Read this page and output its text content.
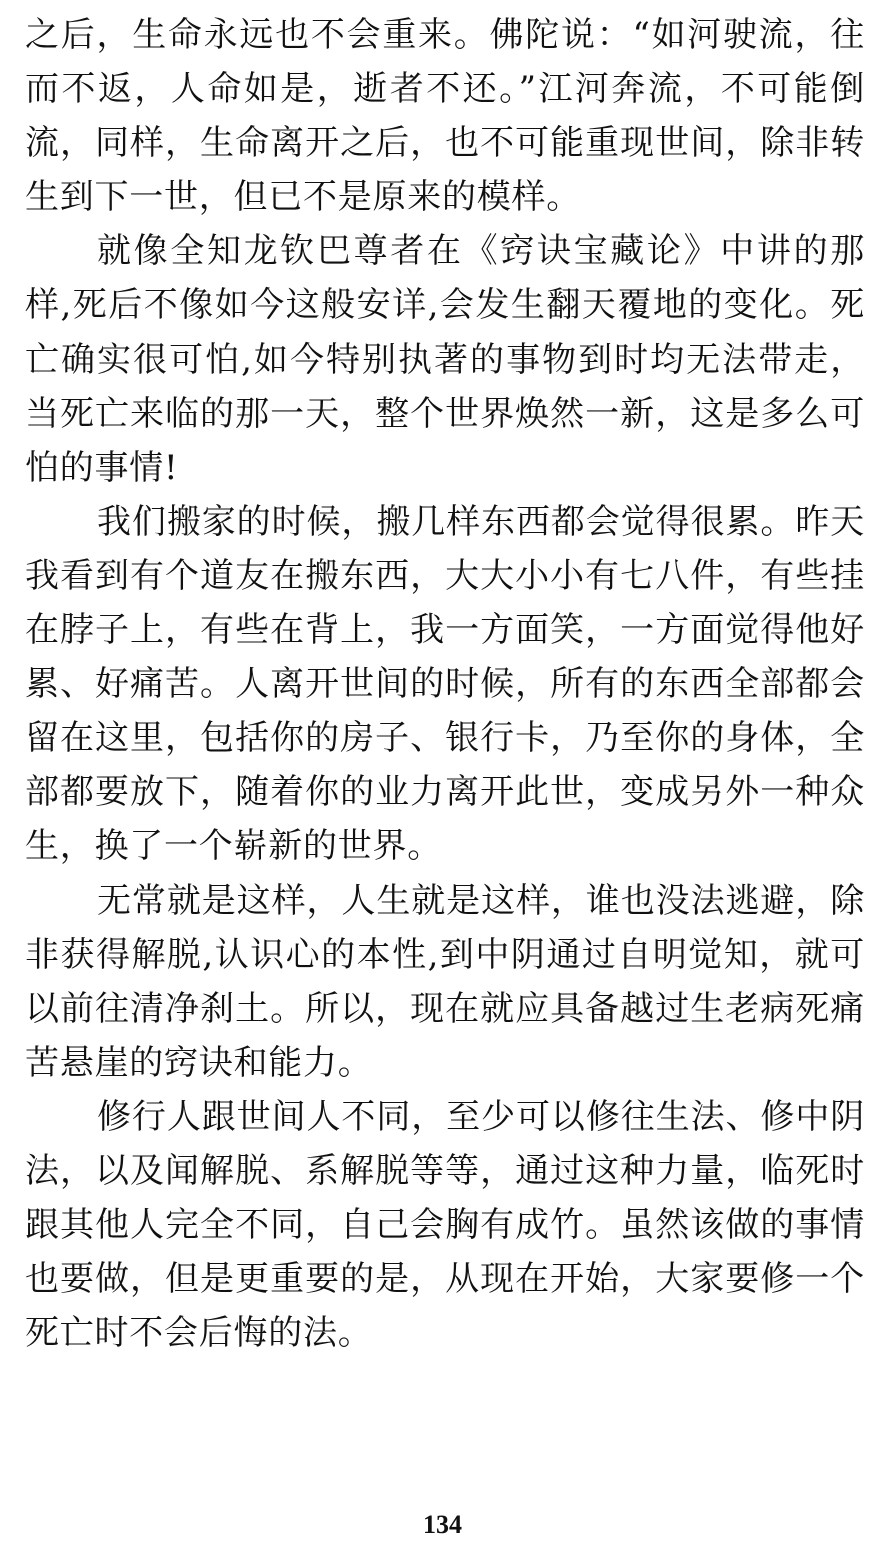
之后，生命永远也不会重来。佛陀说：“如河驶流，往而不返，人命如是，逝者不还。”江河奔流，不可能倒流，同样，生命离开之后，也不可能重现世间，除非转生到下一世，但已不是原来的模样。

就像全知龙钦巴尊者在《窍诀宝藏论》中讲的那样,死后不像如今这般安详,会发生翻天覆地的变化。死亡确实很可怕,如今特别执著的事物到时均无法带走，当死亡来临的那一天，整个世界焕然一新，这是多么可怕的事情!

我们搬家的时候，搬几样东西都会觉得很累。昨天我看到有个道友在搬东西，大大小小有七八件，有些挂在脖子上，有些在背上，我一方面笑，一方面觉得他好累、好痛苦。人离开世间的时候，所有的东西全部都会留在这里，包括你的房子、银行卡，乃至你的身体，全部都要放下，随着你的业力离开此世，变成另外一种众生，换了一个崭新的世界。

无常就是这样，人生就是这样，谁也没法逃避，除非获得解脱,认识心的本性,到中阴通过自明觉知，就可以前往清净刹土。所以，现在就应具备越过生老病死痛苦悬崖的窍诀和能力。

修行人跟世间人不同，至少可以修往生法、修中阴法，以及闻解脱、系解脱等等，通过这种力量，临死时跟其他人完全不同，自己会胸有成竹。虽然该做的事情也要做，但是更重要的是，从现在开始，大家要修一个死亡时不会后悔的法。

134
